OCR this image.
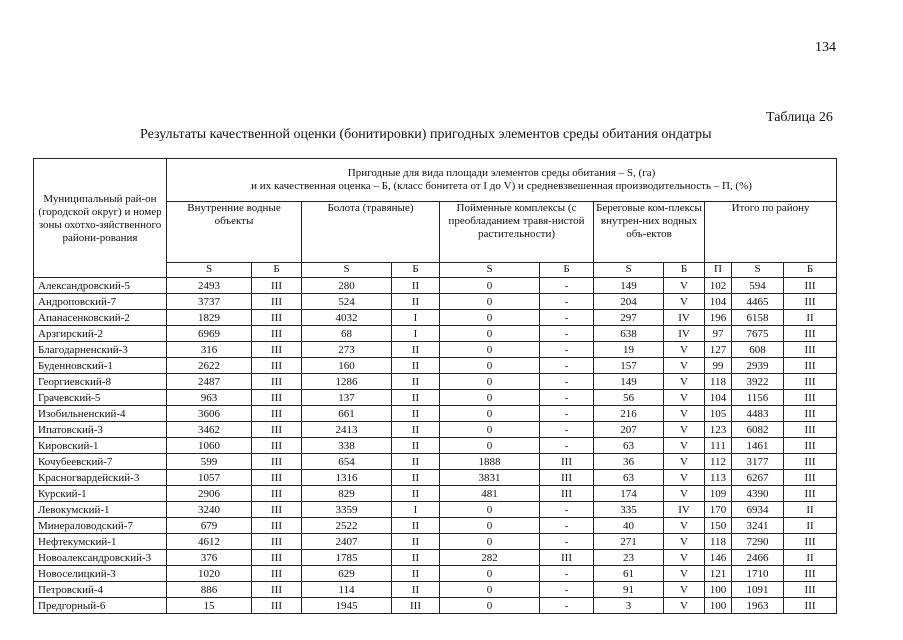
134
Таблица 26
Результаты качественной оценки (бонитировки) пригодных элементов среды обитания ондатры
Муниципальный рай-он (городской округ) и номер зоны охотхо-зяйственного райони-рования	Пригодные для вида площади элементов среды обитания – S, (га)
и их качественная оценка – Б, (класс бонитета от I до V) и средневзвешенная производительность – П, (%)										

	Внутренние водные объекты		Болота (травяные)		Пойменные комплексы (с преобладанием травя-нистой растительности)		Береговые ком-плексы внутрен-них водных объ-ектов		Итого по району		
	S	Б	S	Б	S	Б	S	Б	П	S	Б
Александровский-5	2493	III	280	II	0	-	149	V	102	594	III
Андроповский-7	3737	III	524	II	0	-	204	V	104	4465	III
Апанасенковский-2	1829	III	4032	I	0	-	297	IV	196	6158	II
Арзгирский-2	6969	III	68	I	0	-	638	IV	97	7675	III
Благодарненский-3	316	III	273	II	0	-	19	V	127	608	III
Буденновский-1	2622	III	160	II	0	-	157	V	99	2939	III
Георгиевский-8	2487	III	1286	II	0	-	149	V	118	3922	III
Грачевский-5	963	III	137	II	0	-	56	V	104	1156	III
Изобильненский-4	3606	III	661	II	0	-	216	V	105	4483	III
Ипатовский-3	3462	III	2413	II	0	-	207	V	123	6082	III
Кировский-1	1060	III	338	II	0	-	63	V	111	1461	III
Кочубеевский-7	599	III	654	II	1888	III	36	V	112	3177	III
Красногвардейский-3	1057	III	1316	II	3831	III	63	V	113	6267	III
Курский-1	2906	III	829	II	481	III	174	V	109	4390	III
Левокумский-1	3240	III	3359	I	0	-	335	IV	170	6934	II
Минераловодский-7	679	III	2522	II	0	-	40	V	150	3241	II
Нефтекумский-1	4612	III	2407	II	0	-	271	V	118	7290	III
Новоалександровский-3	376	III	1785	II	282	III	23	V	146	2466	II
Новоселицкий-3	1020	III	629	II	0	-	61	V	121	1710	III
Петровский-4	886	III	114	II	0	-	91	V	100	1091	III
Предгорный-6	15	III	1945	III	0	-	3	V	100	1963	III
